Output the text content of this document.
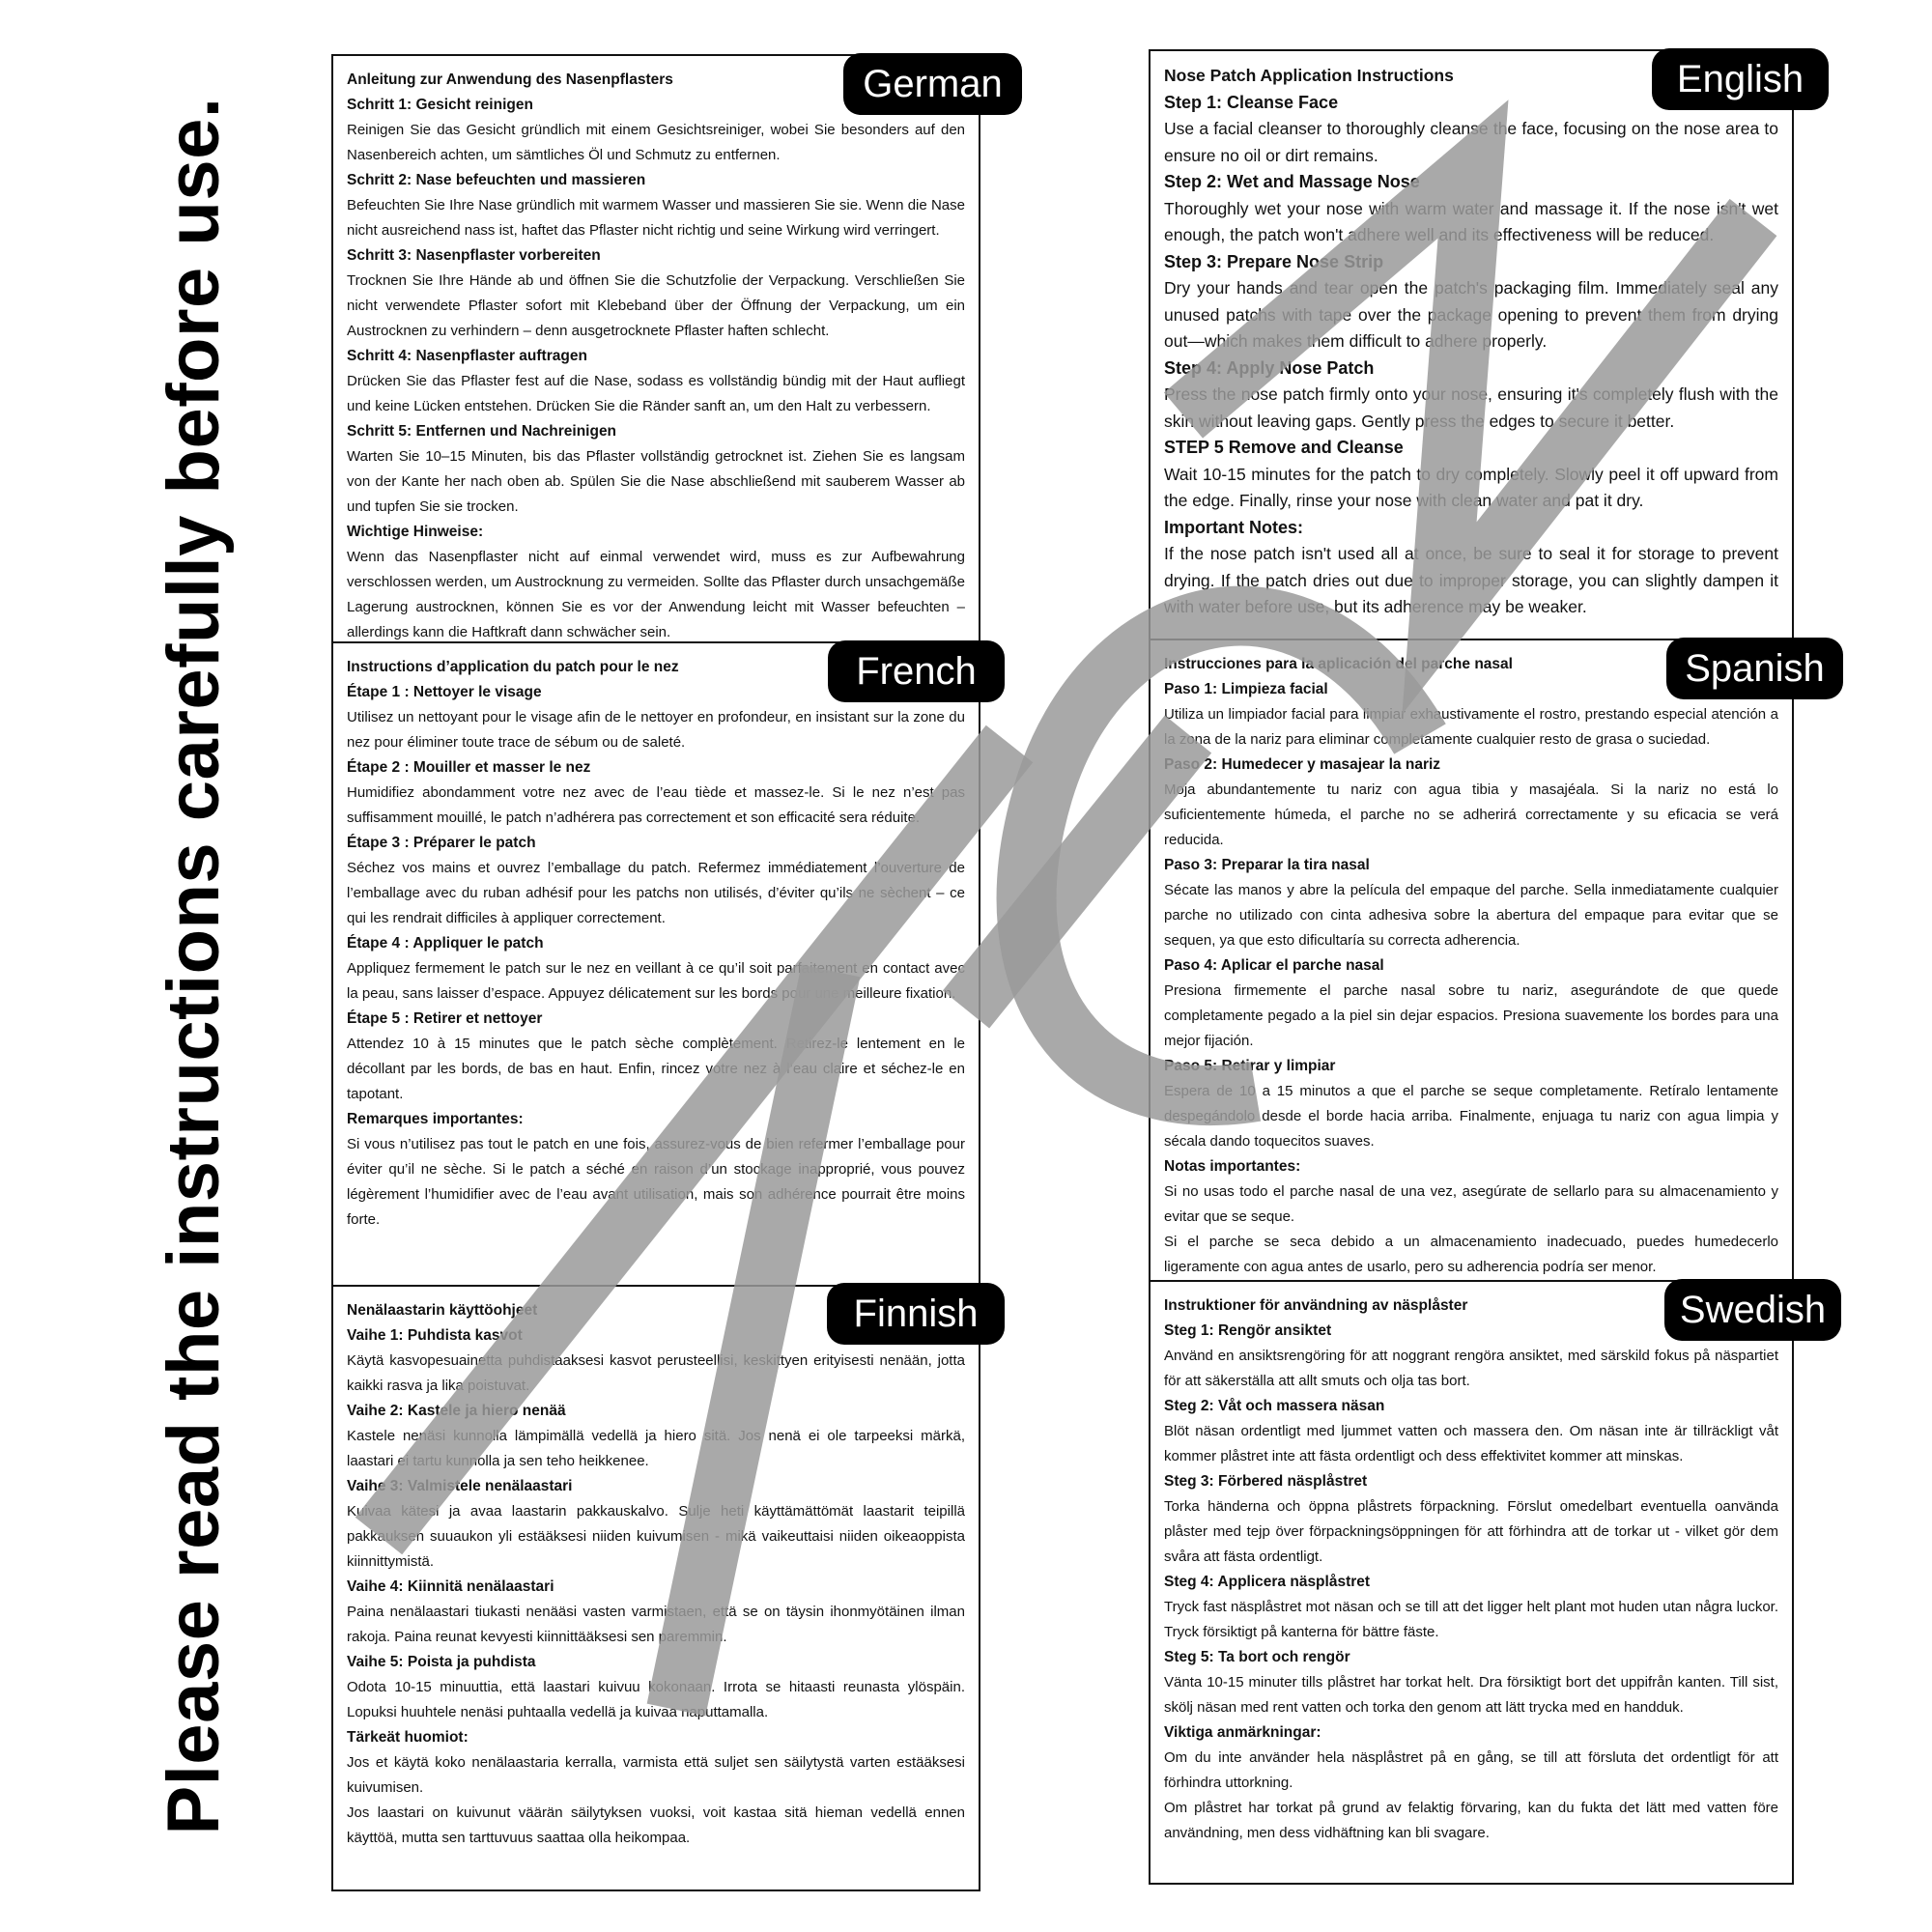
Please read the instructions carefully before use.
Anleitung zur Anwendung des Nasenpflasters
Schritt 1: Gesicht reinigen
Reinigen Sie das Gesicht gründlich mit einem Gesichtsreiniger, wobei Sie besonders auf den Nasenbereich achten, um sämtliches Öl und Schmutz zu entfernen.
Schritt 2: Nase befeuchten und massieren
Befeuchten Sie Ihre Nase gründlich mit warmem Wasser und massieren Sie sie. Wenn die Nase nicht ausreichend nass ist, haftet das Pflaster nicht richtig und seine Wirkung wird verringert.
Schritt 3: Nasenpflaster vorbereiten
Trocknen Sie Ihre Hände ab und öffnen Sie die Schutzfolie der Verpackung. Verschließen Sie nicht verwendete Pflaster sofort mit Klebeband über der Öffnung der Verpackung, um ein Austrocknen zu verhindern – denn ausgetrocknete Pflaster haften schlecht.
Schritt 4: Nasenpflaster auftragen
Drücken Sie das Pflaster fest auf die Nase, sodass es vollständig bündig mit der Haut aufliegt und keine Lücken entstehen. Drücken Sie die Ränder sanft an, um den Halt zu verbessern.
Schritt 5: Entfernen und Nachreinigen
Warten Sie 10–15 Minuten, bis das Pflaster vollständig getrocknet ist. Ziehen Sie es langsam von der Kante her nach oben ab. Spülen Sie die Nase abschließend mit sauberem Wasser ab und tupfen Sie sie trocken.
Wichtige Hinweise:
Wenn das Nasenpflaster nicht auf einmal verwendet wird, muss es zur Aufbewahrung verschlossen werden, um Austrocknung zu vermeiden. Sollte das Pflaster durch unsachgemäße Lagerung austrocknen, können Sie es vor der Anwendung leicht mit Wasser befeuchten – allerdings kann die Haftkraft dann schwächer sein.
German
Instructions d’application du patch pour le nez
Étape 1 : Nettoyer le visage
Utilisez un nettoyant pour le visage afin de le nettoyer en profondeur, en insistant sur la zone du nez pour éliminer toute trace de sébum ou de saleté.
Étape 2 : Mouiller et masser le nez
Humidifiez abondamment votre nez avec de l’eau tiède et massez-le. Si le nez n’est pas suffisamment mouillé, le patch n’adhérera pas correctement et son efficacité sera réduite.
Étape 3 : Préparer le patch
Séchez vos mains et ouvrez l’emballage du patch. Refermez immédiatement l’ouverture de l’emballage avec du ruban adhésif pour les patchs non utilisés, d’éviter qu’ils ne sèchent – ce qui les rendrait difficiles à appliquer correctement.
Étape 4 : Appliquer le patch
Appliquez fermement le patch sur le nez en veillant à ce qu’il soit parfaitement en contact avec la peau, sans laisser d’espace. Appuyez délicatement sur les bords pour une meilleure fixation.
Étape 5 : Retirer et nettoyer
Attendez 10 à 15 minutes que le patch sèche complètement. Retirez-le lentement en le décollant par les bords, de bas en haut. Enfin, rincez votre nez à l’eau claire et séchez-le en tapotant.
Remarques importantes:
Si vous n’utilisez pas tout le patch en une fois, assurez-vous de bien refermer l’emballage pour éviter qu’il ne sèche. Si le patch a séché en raison d’un stockage inapproprié, vous pouvez légèrement l’humidifier avec de l’eau avant utilisation, mais son adhérence pourrait être moins forte.
French
Nenälaastarin käyttöohjeet
Vaihe 1: Puhdista kasvot
Käytä kasvopesuainetta puhdistaaksesi kasvot perusteellisi, keskittyen erityisesti nenään, jotta kaikki rasva ja lika poistuvat.
Vaihe 2: Kastele ja hiero nenää
Kastele nenäsi kunnolla lämpimällä vedellä ja hiero sitä. Jos nenä ei ole tarpeeksi märkä, laastari ei tartu kunnolla ja sen teho heikkenee.
Vaihe 3: Valmistele nenälaastari
Kuivaa kätesi ja avaa laastarin pakkauskalvo. Sulje heti käyttämättömät laastarit teipillä pakkauksen suuaukon yli estääksesi niiden kuivumisen - mikä vaikeuttaisi niiden oikeaoppista kiinnittymistä.
Vaihe 4: Kiinnitä nenälaastari
Paina nenälaastari tiukasti nenääsi vasten varmistaen, että se on täysin ihonmyötäinen ilman rakoja. Paina reunat kevyesti kiinnittääksesi sen paremmin.
Vaihe 5: Poista ja puhdista
Odota 10-15 minuuttia, että laastari kuivuu kokonaan. Irrota se hitaasti reunasta ylöspäin. Lopuksi huuhtele nenäsi puhtaalla vedellä ja kuivaa naputtamalla.
Tärkeät huomiot:
Jos et käytä koko nenälaastaria kerralla, varmista että suljet sen säilytystä varten estääksesi kuivumisen.
Jos laastari on kuivunut väärän säilytyksen vuoksi, voit kastaa sitä hieman vedellä ennen käyttöä, mutta sen tarttuvuus saattaa olla heikompaa.
Finnish
Nose Patch Application Instructions
Step 1: Cleanse Face
Use a facial cleanser to thoroughly cleanse the face, focusing on the nose area to ensure no oil or dirt remains.
Step 2: Wet and Massage Nose
Thoroughly wet your nose with warm water and massage it. If the nose isn't wet enough, the patch won't adhere well and its effectiveness will be reduced.
Step 3: Prepare Nose Strip
Dry your hands and tear open the patch's packaging film. Immediately seal any unused patchs with tape over the package opening to prevent them from drying out—which makes them difficult to adhere properly.
Step 4: Apply Nose Patch
Press the nose patch firmly onto your nose, ensuring it's completely flush with the skin without leaving gaps. Gently press the edges to secure it better.
STEP 5 Remove and Cleanse
Wait 10-15 minutes for the patch to dry completely. Slowly peel it off upward from the edge. Finally, rinse your nose with clean water and pat it dry.
Important Notes:
If the nose patch isn't used all at once, be sure to seal it for storage to prevent drying. If the patch dries out due to improper storage, you can slightly dampen it with water before use, but its adherence may be weaker.
English
Instrucciones para la aplicación del parche nasal
Paso 1: Limpieza facial
Utiliza un limpiador facial para limpiar exhaustivamente el rostro, prestando especial atención a la zona de la nariz para eliminar completamente cualquier resto de grasa o suciedad.
Paso 2: Humedecer y masajear la nariz
Moja abundantemente tu nariz con agua tibia y masajéala. Si la nariz no está lo suficientemente húmeda, el parche no se adherirá correctamente y su eficacia se verá reducida.
Paso 3: Preparar la tira nasal
Sécate las manos y abre la película del empaque del parche. Sella inmediatamente cualquier parche no utilizado con cinta adhesiva sobre la abertura del empaque para evitar que se sequen, ya que esto dificultaría su correcta adherencia.
Paso 4: Aplicar el parche nasal
Presiona firmemente el parche nasal sobre tu nariz, asegurándote de que quede completamente pegado a la piel sin dejar espacios. Presiona suavemente los bordes para una mejor fijación.
Paso 5: Retirar y limpiar
Espera de 10 a 15 minutos a que el parche se seque completamente. Retíralo lentamente despegándolo desde el borde hacia arriba. Finalmente, enjuaga tu nariz con agua limpia y sécala dando toquecitos suaves.
Notas importantes:
Si no usas todo el parche nasal de una vez, asegúrate de sellarlo para su almacenamiento y evitar que se seque.
Si el parche se seca debido a un almacenamiento inadecuado, puedes humedecerlo ligeramente con agua antes de usarlo, pero su adherencia podría ser menor.
Spanish
Instruktioner för användning av näsplåster
Steg 1: Rengör ansiktet
Använd en ansiktsrengöring för att noggrant rengöra ansiktet, med särskild fokus på näspartiet för att säkerställa att allt smuts och olja tas bort.
Steg 2: Våt och massera näsan
Blöt näsan ordentligt med ljummet vatten och massera den. Om näsan inte är tillräckligt våt kommer plåstret inte att fästa ordentligt och dess effektivitet kommer att minskas.
Steg 3: Förbered näsplåstret
Torka händerna och öppna plåstrets förpackning. Förslut omedelbart eventuella oanvända plåster med tejp över förpackningsöppningen för att förhindra att de torkar ut - vilket gör dem svåra att fästa ordentligt.
Steg 4: Applicera näsplåstret
Tryck fast näsplåstret mot näsan och se till att det ligger helt plant mot huden utan några luckor. Tryck försiktigt på kanterna för bättre fäste.
Steg 5: Ta bort och rengör
Vänta 10-15 minuter tills plåstret har torkat helt. Dra försiktigt bort det uppifrån kanten. Till sist, skölj näsan med rent vatten och torka den genom att lätt trycka med en handduk.
Viktiga anmärkningar:
Om du inte använder hela näsplåstret på en gång, se till att försluta det ordentligt för att förhindra uttorkning.
Om plåstret har torkat på grund av felaktig förvaring, kan du fukta det lätt med vatten före användning, men dess vidhäftning kan bli svagare.
Swedish
